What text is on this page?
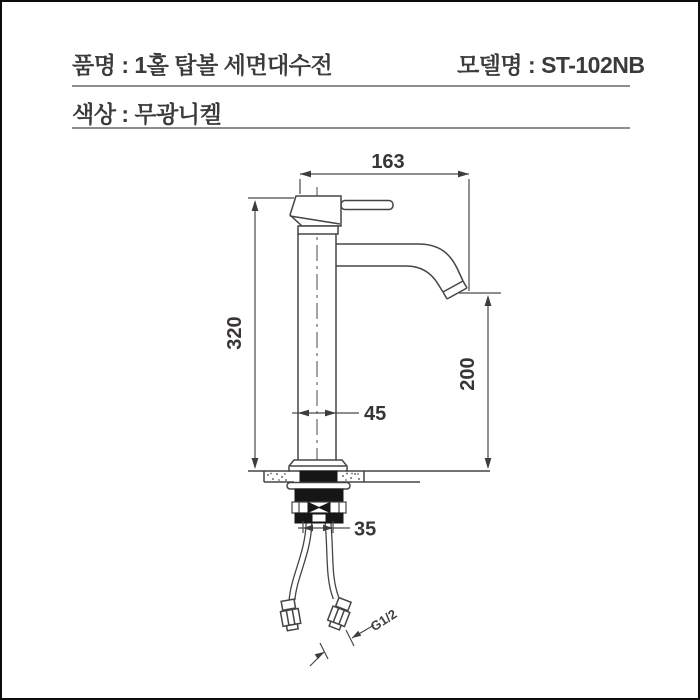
품명 : 1홀 탑볼 세면대수전	모델명 : ST-102NB
색상 : 무광니켈
163
320
200
45
35
G1/2
